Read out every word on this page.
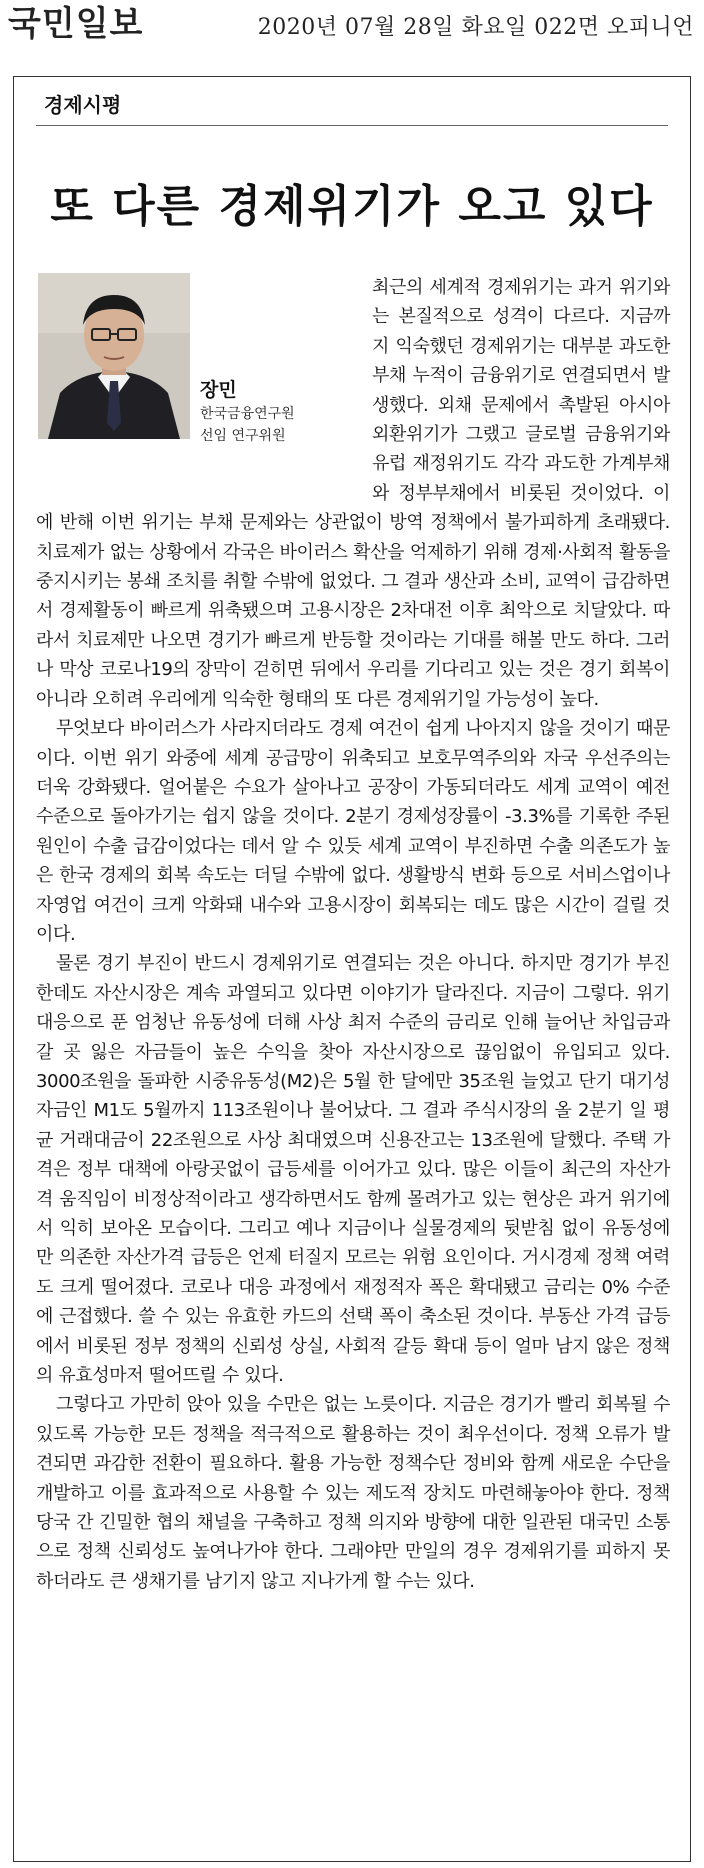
국민일보	2020년 07월 28일 화요일 022면 오피니언
경제시평
또 다른 경제위기가 오고 있다

최근의 세계적 경제위기는 과거 위기와는 본질적으로 성격이 다르다. 지금까지 익숙했던 경제위기는 대부분 과도한 부채 누적이 금융위기로 연결되면서 발생했다. 외채 문제에서 촉발된 아시아 외환위기가 그랬고 글로벌 금융위기와 유럽 재정위기도 각각 과도한 가계부채와 정부부채에서 비롯된 것이었다. 이에 반해 이번 위기는 부채 문제와는 상관없이 방역 정책에서 불가피하게 초래됐다. 치료제가 없는 상황에서 각국은 바이러스 확산을 억제하기 위해 경제·사회적 활동을 중지시키는 봉쇄 조치를 취할 수밖에 없었다. 그 결과 생산과 소비, 교역이 급감하면서 경제활동이 빠르게 위축됐으며 고용시장은 2차대전 이후 최악으로 치달았다. 따라서 치료제만 나오면 경기가 빠르게 반등할 것이라는 기대를 해볼 만도 하다. 그러나 막상 코로나19의 장막이 걷히면 뒤에서 우리를 기다리고 있는 것은 경기 회복이 아니라 오히려 우리에게 익숙한 형태의 또 다른 경제위기일 가능성이 높다.

무엇보다 바이러스가 사라지더라도 경제 여건이 쉽게 나아지지 않을 것이기 때문이다. 이번 위기 와중에 세계 공급망이 위축되고 보호무역주의와 자국 우선주의는 더욱 강화됐다. 얼어붙은 수요가 살아나고 공장이 가동되더라도 세계 교역이 예전 수준으로 돌아가기는 쉽지 않을 것이다. 2분기 경제성장률이 -3.3%를 기록한 주된 원인이 수출 급감이었다는 데서 알 수 있듯 세계 교역이 부진하면 수출 의존도가 높은 한국 경제의 회복 속도는 더딜 수밖에 없다. 생활방식 변화 등으로 서비스업이나 자영업 여건이 크게 악화돼 내수와 고용시장이 회복되는 데도 많은 시간이 걸릴 것이다.

물론 경기 부진이 반드시 경제위기로 연결되는 것은 아니다. 하지만 경기가 부진한데도 자산시장은 계속 과열되고 있다면 이야기가 달라진다. 지금이 그렇다. 위기 대응으로 푼 엄청난 유동성에 더해 사상 최저 수준의 금리로 인해 늘어난 차입금과 갈 곳 잃은 자금들이 높은 수익을 찾아 자산시장으로 끊임없이 유입되고 있다. 3000조원을 돌파한 시중유동성(M2)은 5월 한 달에만 35조원 늘었고 단기 대기성 자금인 M1도 5월까지 113조원이나 불어났다. 그 결과 주식시장의 올 2분기 일 평균 거래대금이 22조원으로 사상 최대였으며 신용잔고는 13조원에 달했다. 주택 가격은 정부 대책에 아랑곳없이 급등세를 이어가고 있다. 많은 이들이 최근의 자산가격 움직임이 비정상적이라고 생각하면서도 함께 몰려가고 있는 현상은 과거 위기에서 익히 보아온 모습이다. 그리고 예나 지금이나 실물경제의 뒷받침 없이 유동성에만 의존한 자산가격 급등은 언제 터질지 모르는 위험 요인이다. 거시경제 정책 여력도 크게 떨어졌다. 코로나 대응 과정에서 재정적자 폭은 확대됐고 금리는 0% 수준에 근접했다. 쓸 수 있는 유효한 카드의 선택 폭이 축소된 것이다. 부동산 가격 급등에서 비롯된 정부 정책의 신뢰성 상실, 사회적 갈등 확대 등이 얼마 남지 않은 정책의 유효성마저 떨어뜨릴 수 있다.

그렇다고 가만히 앉아 있을 수만은 없는 노릇이다. 지금은 경기가 빨리 회복될 수 있도록 가능한 모든 정책을 적극적으로 활용하는 것이 최우선이다. 정책 오류가 발견되면 과감한 전환이 필요하다. 활용 가능한 정책수단 정비와 함께 새로운 수단을 개발하고 이를 효과적으로 사용할 수 있는 제도적 장치도 마련해놓아야 한다. 정책 당국 간 긴밀한 협의 채널을 구축하고 정책 의지와 방향에 대한 일관된 대국민 소통으로 정책 신뢰성도 높여나가야 한다. 그래야만 만일의 경우 경제위기를 피하지 못하더라도 큰 생채기를 남기지 않고 지나가게 할 수는 있다.

장민
한국금융연구원
선임 연구위원
